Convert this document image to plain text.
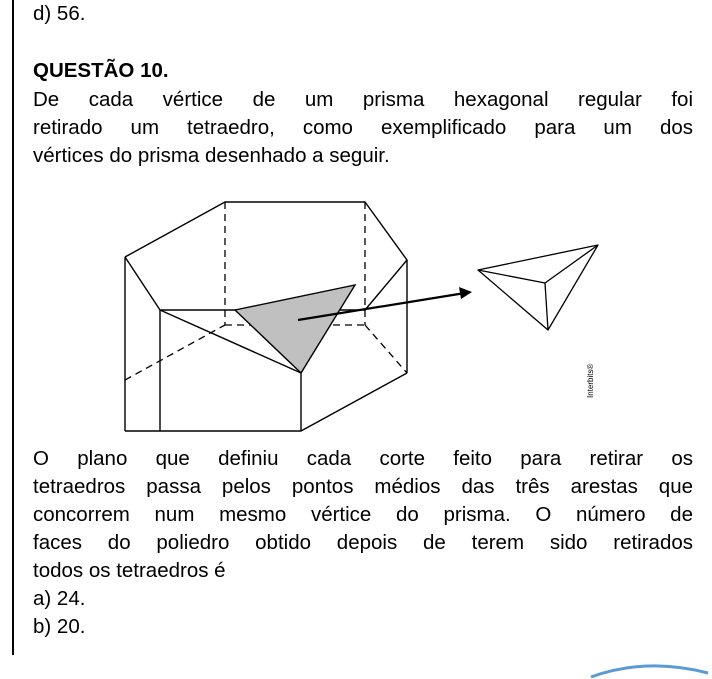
d) 56.
QUESTÃO 10.
De cada vértice de um prisma hexagonal regular foi
retirado um tetraedro, como exemplificado para um dos
vértices do prisma desenhado a seguir.
Interbits®
O plano que definiu cada corte feito para retirar os
tetraedros passa pelos pontos médios das três arestas que
concorrem num mesmo vértice do prisma. O número de
faces do poliedro obtido depois de terem sido retirados
todos os tetraedros é
a) 24.
b) 20.
